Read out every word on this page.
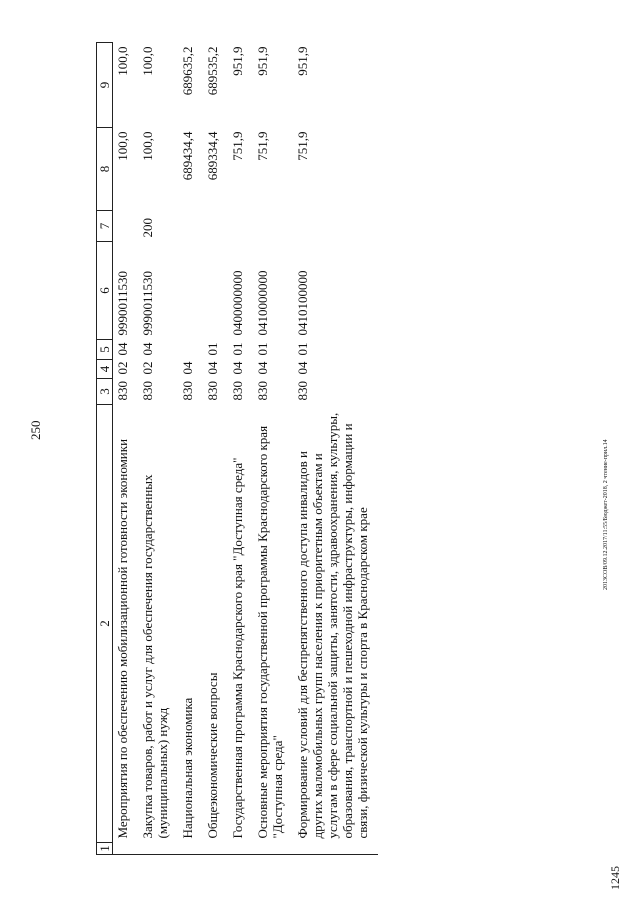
250
1245
2013СОВ/09.12.2017/11:55/Бюджет-2018, 2 чтение-прил.14
1	2	3	4	5	6	7	8	9
	Мероприятия по обеспечению мобилизационной готовности экономики	830	02	04	9990011530		100,0	100,0
	Закупка товаров, работ и услуг для обеспечения государственных (муниципальных) нужд	830	02	04	9990011530	200	100,0	100,0
	Национальная экономика	830	04				689434,4	689635,2
	Общеэкономические вопросы	830	04	01			689334,4	689535,2
	Государственная программа Краснодарского края "Доступная среда"	830	04	01	0400000000		751,9	951,9
	Основные мероприятия государственной программы Краснодарского края "Доступная среда"	830	04	01	0410000000		751,9	951,9
	Формирование условий для беспрепятственного доступа инвалидов и других маломобильных групп населения к приоритетным объектам и услугам в сфере социальной защиты, занятости, здравоохранения, культуры, образования, транспортной и пешеходной инфраструктуры, информации и связи, физической культуры и спорта в Краснодарском крае	830	04	01	0410100000		751,9	951,9
